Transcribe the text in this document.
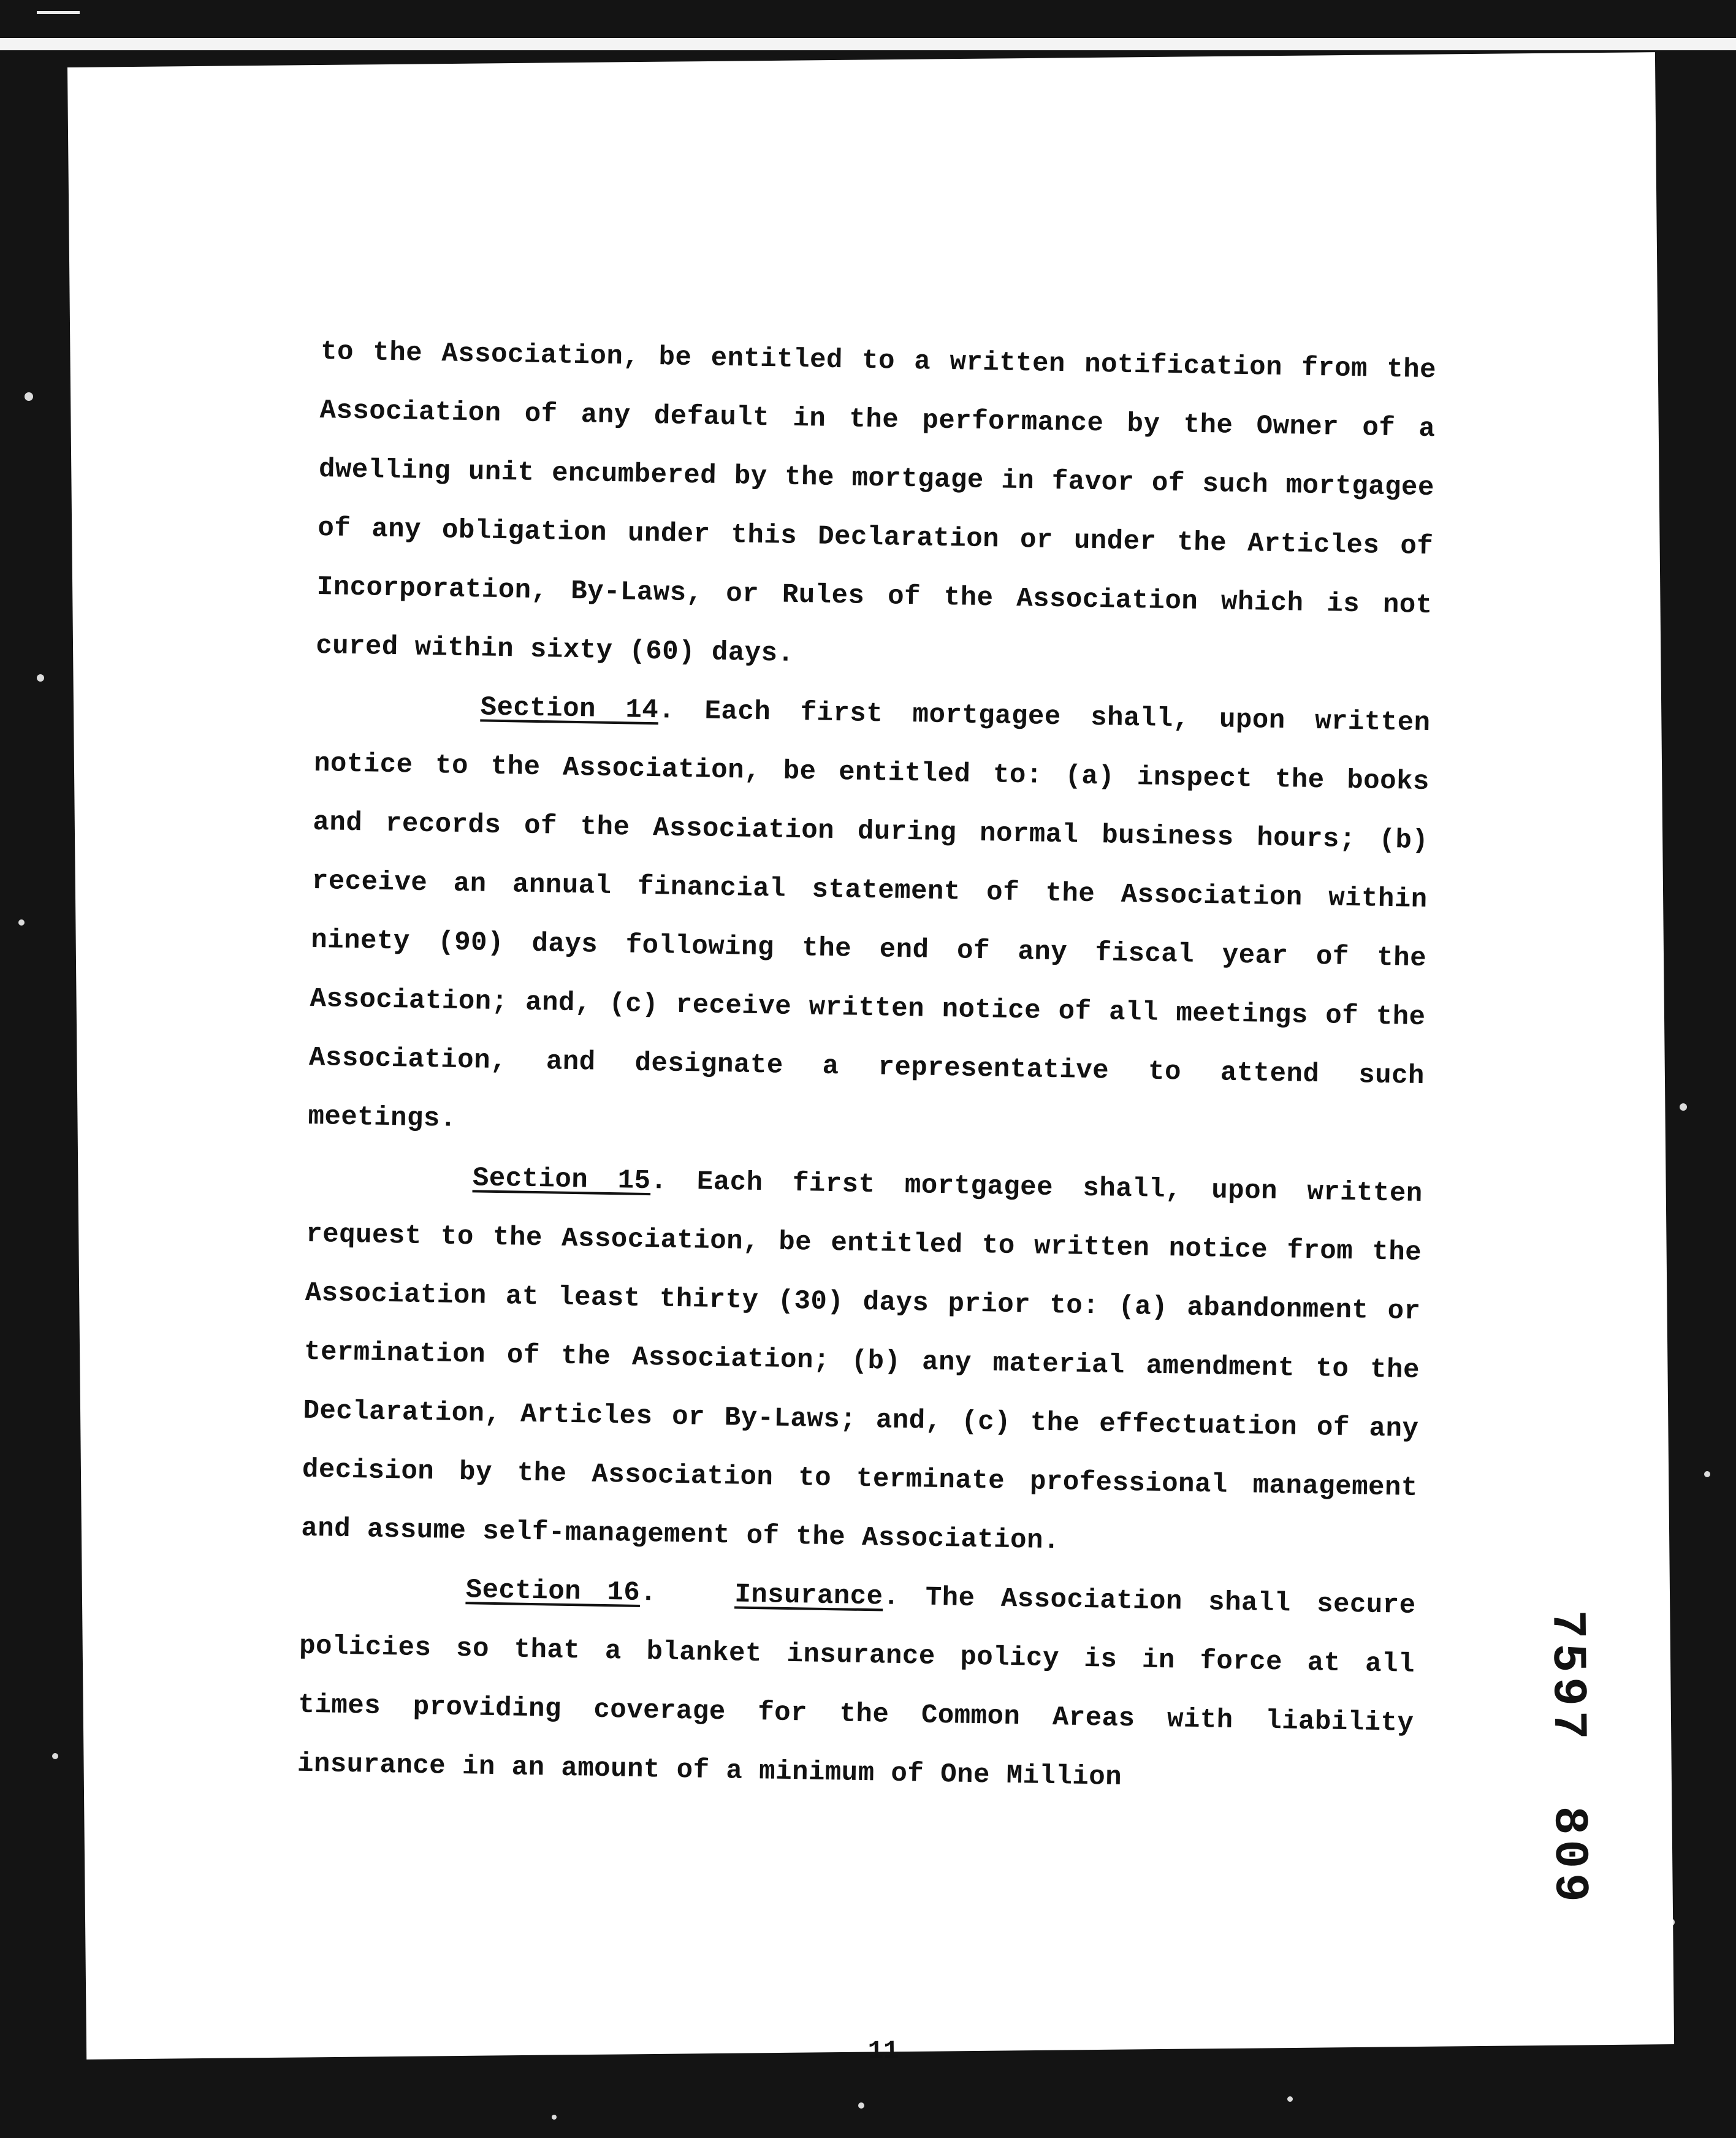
to the Association, be entitled to a written notification from the Association of any default in the performance by the Owner of a dwelling unit encumbered by the mortgage in favor of such mortgagee of any obligation under this Declaration or under the Articles of Incorporation, By-Laws, or Rules of the Association which is not cured within sixty (60) days.

Section 14. Each first mortgagee shall, upon written notice to the Association, be entitled to: (a) inspect the books and records of the Association during normal business hours; (b) receive an annual financial statement of the Association within ninety (90) days following the end of any fiscal year of the Association; and, (c) receive written notice of all meetings of the Association, and designate a representative to attend such meetings.

Section 15. Each first mortgagee shall, upon written request to the Association, be entitled to written notice from the Association at least thirty (30) days prior to: (a) abandonment or termination of the Association; (b) any material amendment to the Declaration, Articles or By-Laws; and, (c) the effectuation of any decision by the Association to terminate professional management and assume self-management of the Association.

Section 16.	Insurance. The Association shall secure policies so that a blanket insurance policy is in force at all times providing coverage for the Common Areas with liability insurance in an amount of a minimum of One Million

11
7597
809
